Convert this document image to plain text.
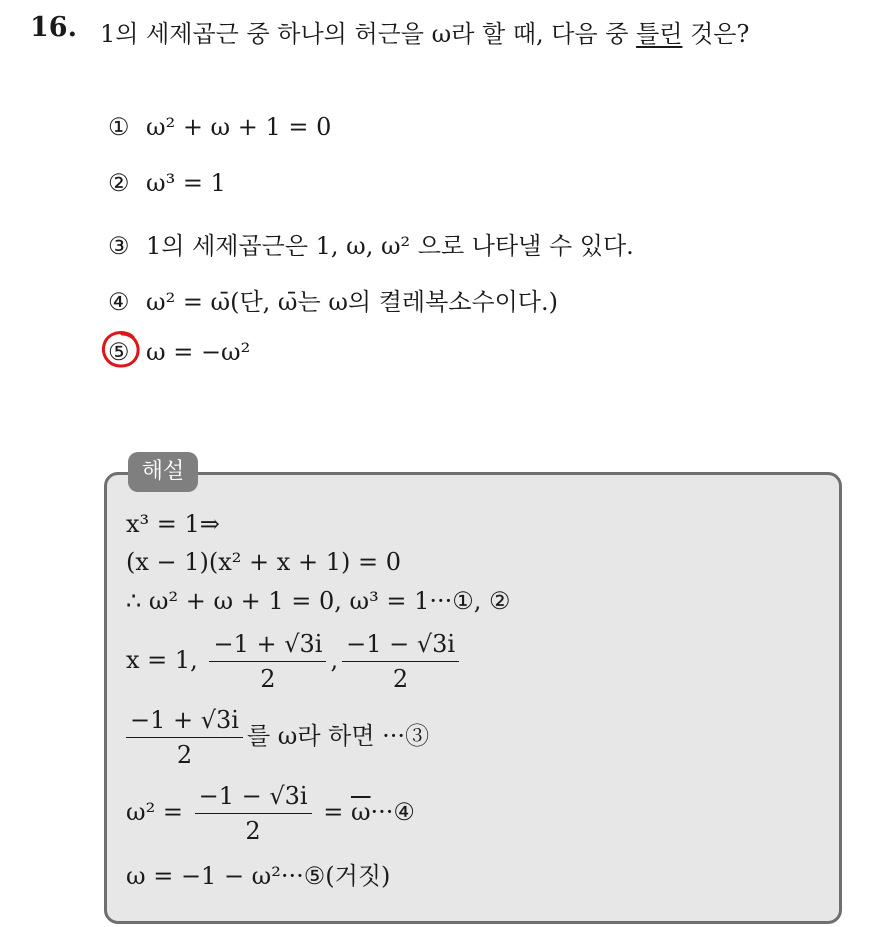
16. 1의 세제곱근 중 하나의 허근을 ω라 할 때, 다음 중 틀린 것은?
① ω² + ω + 1 = 0
② ω³ = 1
③ 1의 세제곱근은 1, ω, ω² 으로 나타낼 수 있다.
④ ω² = ω̄(단, ω̄는 ω의 켤레복소수이다.)
⑤ ω = −ω²
해설
x³ = 1⇒
(x − 1)(x² + x + 1) = 0
∴ ω² + ω + 1 = 0, ω³ = 1···①, ②
x = 1, $\frac{-1 + √3i}{2}$ , $\frac{-1 - √3i}{2}$
$\frac{-1 + √3i}{2}$ 를 ω라 하면 ···③
$\omega^2 = \frac{-1 - √3i}{2}$ = $\overline{\omega}\cdot\cdot\cdot ④$
ω = −1 − ω²···⑤(거짓)
